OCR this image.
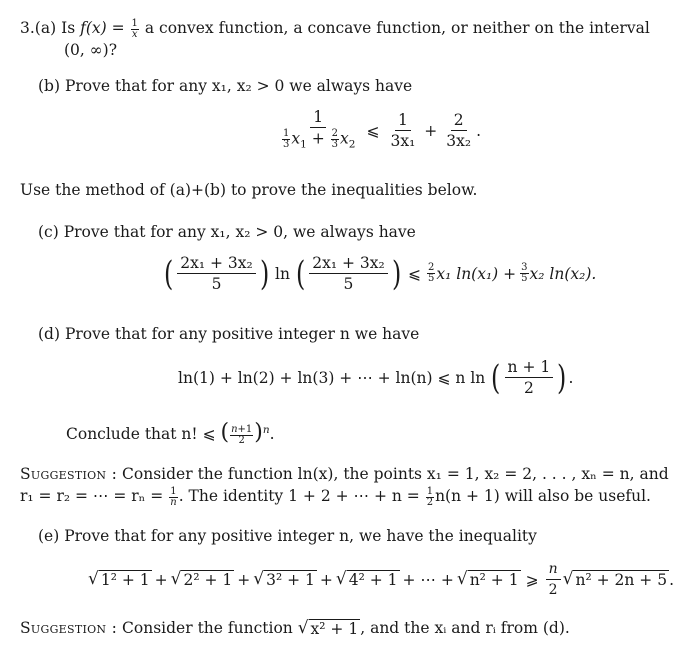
3.(a) Is $f(x) = \frac{1}{x}$ a convex function, a concave function, or neither on the interval
(0, ∞)?
(b) Prove that for any x₁, x₂ > 0 we always have
$\frac{1}{\frac{1}{3} x_1 + \frac{2}{3} x_2}$ ⩽ $\frac{1}{\text{3x₁}} + \frac{2}{\text{3x₂}}$ .
Use the method of (a)+(b) to prove the inequalities below.
(c) Prove that for any x₁, x₂ > 0, we always have
( $\frac{\text{2x₁ + 3x₂}}{5}$ ) ln ( $\frac{\text{2x₁ + 3x₂}}{5}$ ) ⩽ $\frac{2}{5} x_1$ $\ln(x_1) + \frac{3}{5} x_2$ ln(x₂).
(d) Prove that for any positive integer n we have
ln(1) + ln(2) + ln(3) + ⋯ + ln(n) ⩽ n ln ( $\frac{n + 1}{2}$ ) .
Conclude that n! ⩽ ( $\frac{n+1}{2} )^n$.
Suggestion : Consider the function ln(x), the points x₁ = 1, x₂ = 2, . . . , xₙ = n, and
r₁ = r₂ = ⋯ = $r_n = \frac{1}{n}$ . The identity 1 + 2 + ⋯ + $n = \frac{1}{2} n(n + 1)$ will also be useful.
(e) Prove that for any positive integer n, we have the inequality
√ 1² + 1 + √ 2² + 1 + √ 3² + 1 + √ 4² + 1 + ⋯ + √ n² + 1 ⩾ $\frac{n}{2}$ √ n² + 2n + 5 .
Suggestion : Consider the function √ x² + 1 , and the xᵢ and rᵢ from (d).
